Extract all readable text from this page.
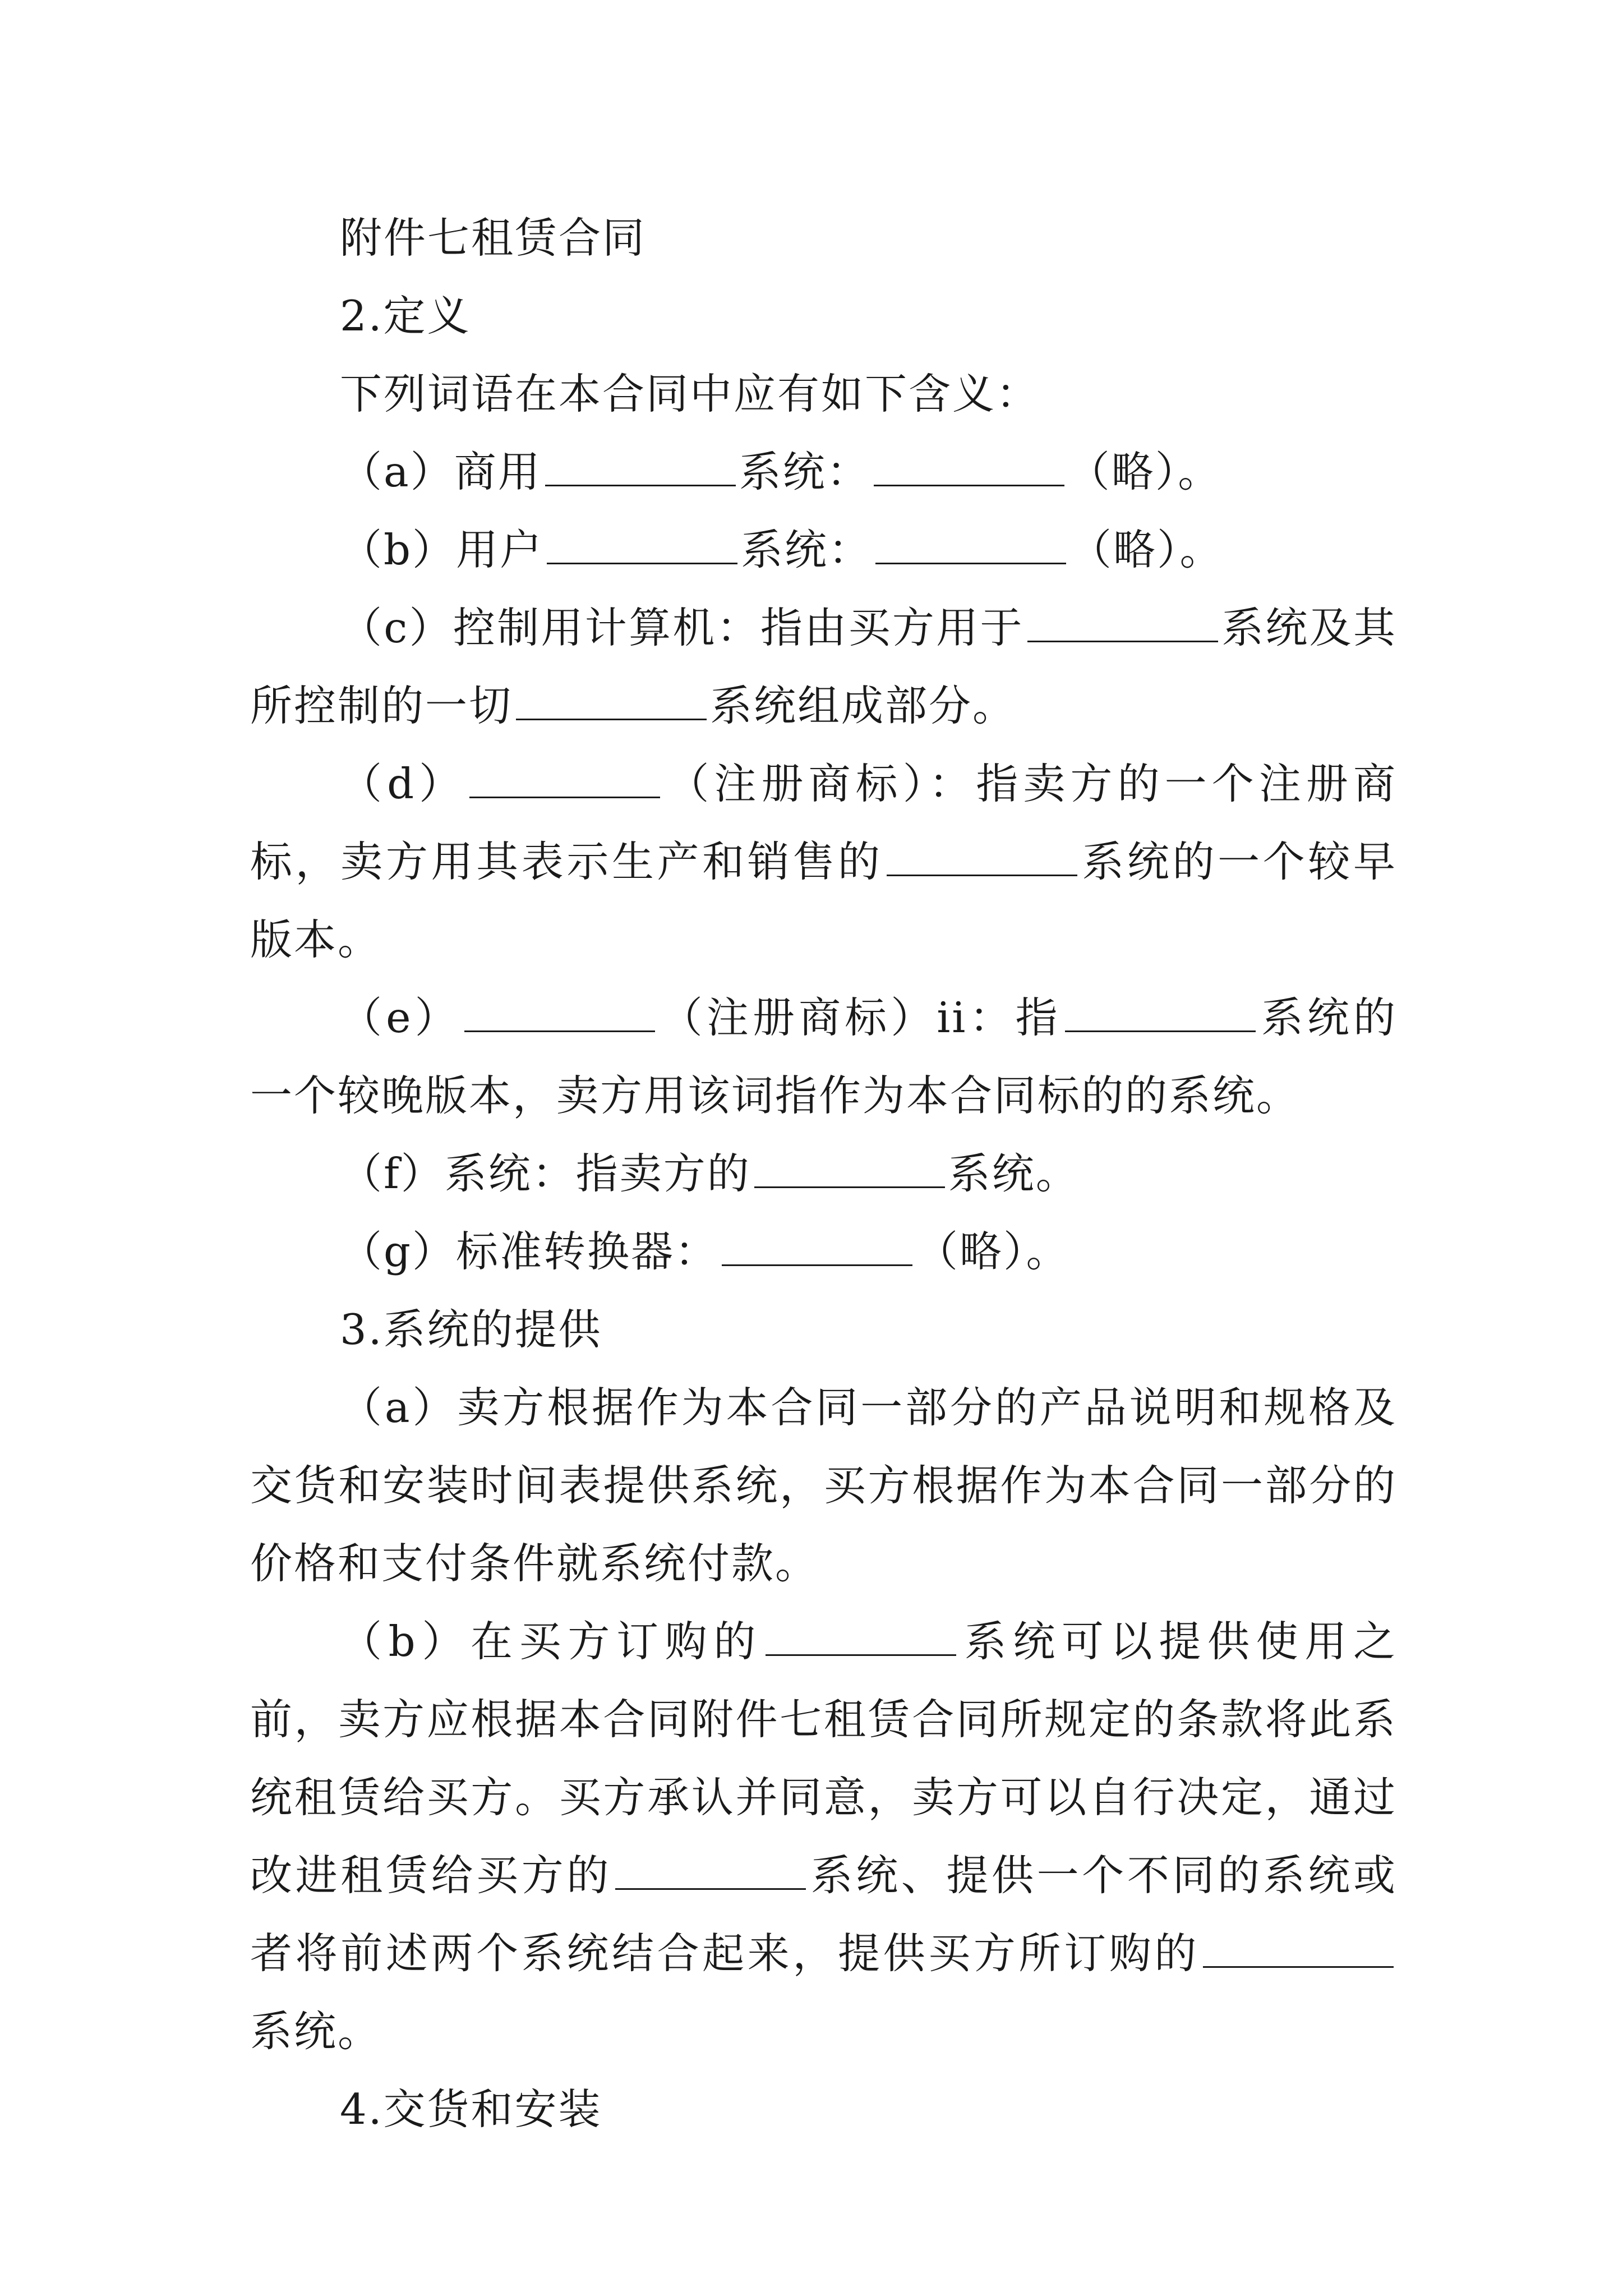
附件七租赁合同

2.定义

下列词语在本合同中应有如下含义：

（a）商用	系统：	（略）。

（b）用户	系统：	（略）。

（c）控制用计算机：指由买方用于	系统及其所控制的一切	系统组成部分。

（d）	（注册商标）：指卖方的一个注册商标，卖方用其表示生产和销售的	系统的一个较早版本。

（e）	（注册商标）ii：指	系统的一个较晚版本，卖方用该词指作为本合同标的的系统。

（f）系统：指卖方的	系统。

（g）标准转换器：	（略）。

3.系统的提供

（a）卖方根据作为本合同一部分的产品说明和规格及交货和安装时间表提供系统，买方根据作为本合同一部分的价格和支付条件就系统付款。

（b）在买方订购的	系统可以提供使用之前，卖方应根据本合同附件七租赁合同所规定的条款将此系统租赁给买方。买方承认并同意，卖方可以自行决定，通过改进租赁给买方的	系统、提供一个不同的系统或者将前述两个系统结合起来，提供买方所订购的系统。

4.交货和安装
